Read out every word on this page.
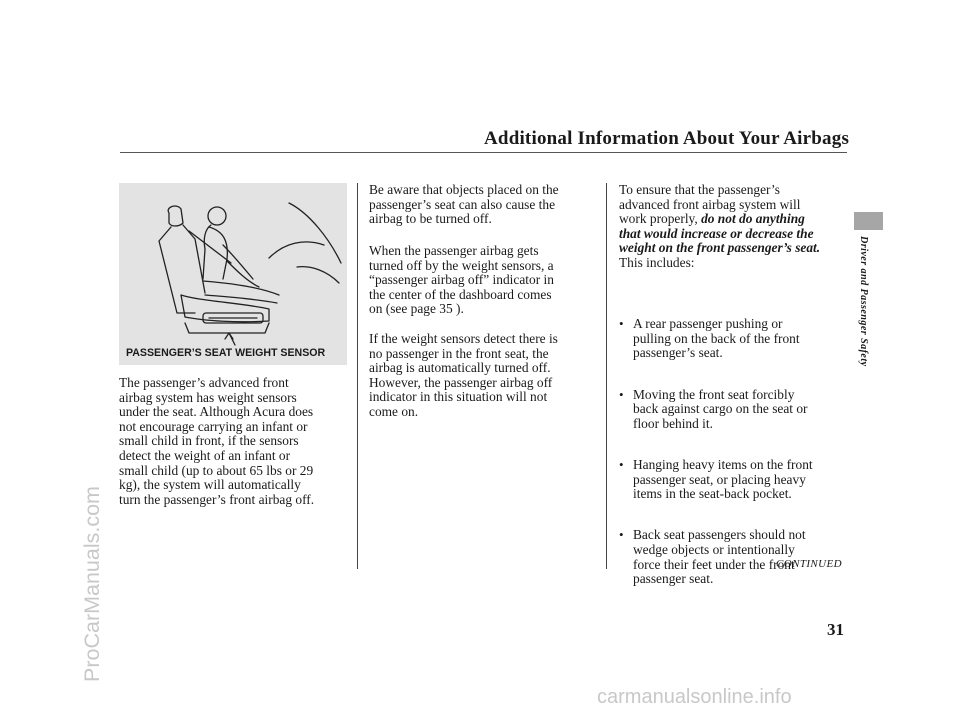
Additional Information About Your Airbags
PASSENGER’S SEAT WEIGHT SENSOR
The passenger’s advanced front
airbag system has weight sensors
under the seat. Although Acura does
not encourage carrying an infant or
small child in front, if the sensors
detect the weight of an infant or
small child (up to about 65 lbs or 29
kg), the system will automatically
turn the passenger’s front airbag off.
Be aware that objects placed on the
passenger’s seat can also cause the
airbag to be turned off.
When the passenger airbag gets
turned off by the weight sensors, a
“passenger airbag off” indicator in
the center of the dashboard comes
on (see page 35 ).
If the weight sensors detect there is
no passenger in the front seat, the
airbag is automatically turned off.
However, the passenger airbag off
indicator in this situation will not
come on.
To ensure that the passenger’s
advanced front airbag system will
work properly, do not do anything
that would increase or decrease the
weight on the front passenger’s seat.
This includes:

• A rear passenger pushing or
pulling on the back of the front
passenger’s seat.

• Moving the front seat forcibly
back against cargo on the seat or
floor behind it.

• Hanging heavy items on the front
passenger seat, or placing heavy
items in the seat-back pocket.

• Back seat passengers should not
wedge objects or intentionally
force their feet under the front
passenger seat.

Driver and Passenger Safety
CONTINUED
31
ProCarManuals.com
carmanualsonline.info
